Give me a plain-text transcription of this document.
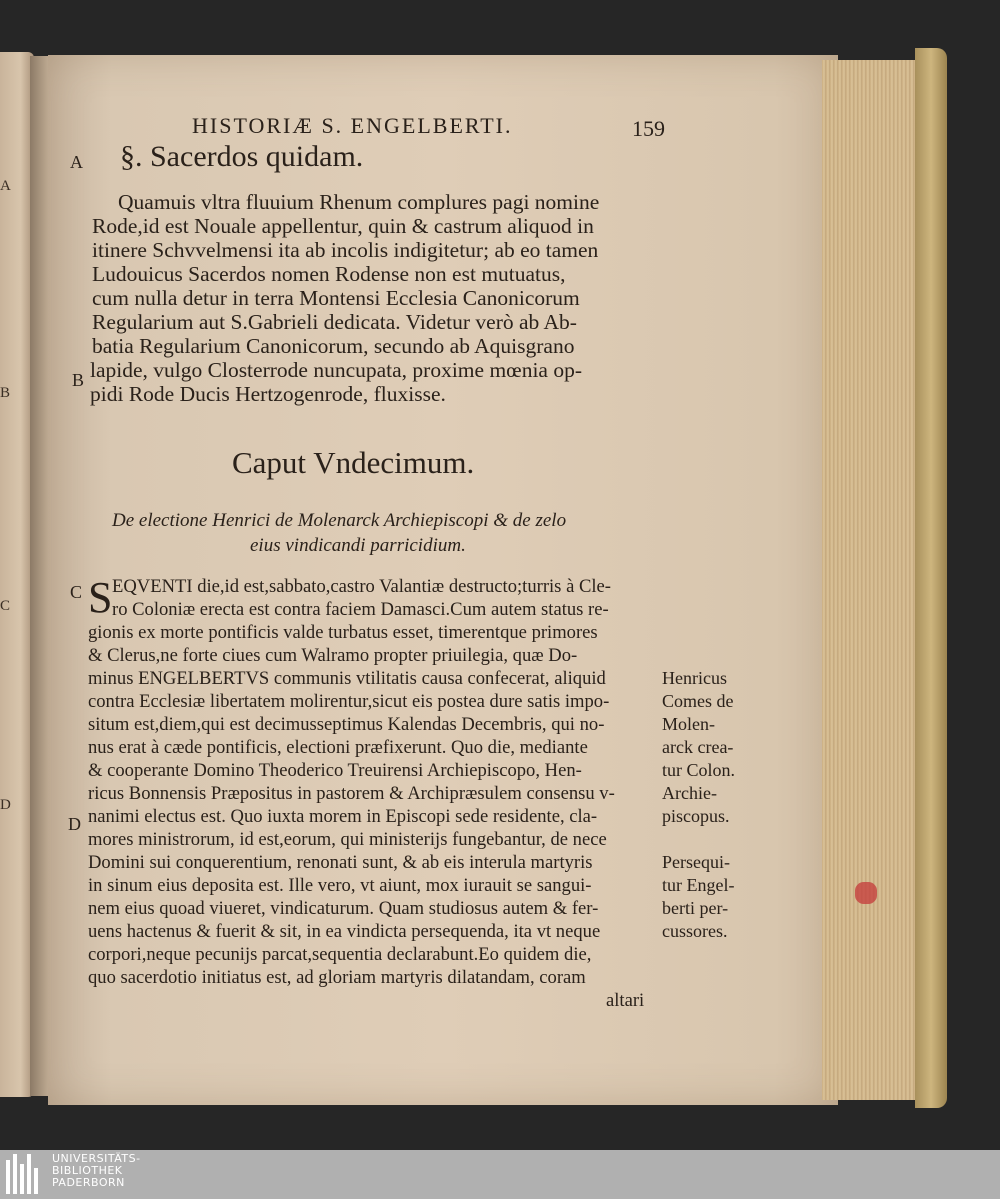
A
B
C
D
HISTORIÆ S. ENGELBERTI.	159
A §. Sacerdos quidam.
Quamuis vltra fluuium Rhenum complures pagi nomine
Rode,id est Nouale appellentur, quin & castrum aliquod in
itinere Schvvelmensi ita ab incolis indigitetur; ab eo tamen
Ludouicus Sacerdos nomen Rodense non est mutuatus,
cum nulla detur in terra Montensi Ecclesia Canonicorum
Regularium aut S.Gabrieli dedicata. Videtur verò ab Ab-
batia Regularium Canonicorum, secundo ab Aquisgrano
B lapide, vulgo Closterrode nuncupata, proxime mœnia op-
pidi Rode Ducis Hertzogenrode, fluxisse.
Caput Vndecimum.
De electione Henrici de Molenarck Archiepiscopi & de zelo
eius vindicandi parricidium.
C S EQVENTI die,id est,sabbato,castro Valantiæ destructo;turris à Cle-
ro Coloniæ erecta est contra faciem Damasci.Cum autem status re-
gionis ex morte pontificis valde turbatus esset, timerentque primores
& Clerus,ne forte ciues cum Walramo propter priuilegia, quæ Do-
minus ENGELBERTVS communis vtilitatis causa confecerat, aliquid
contra Ecclesiæ libertatem molirentur,sicut eis postea dure satis impo-
situm est,diem,qui est decimusseptimus Kalendas Decembris, qui no-
nus erat à cæde pontificis, electioni præfixerunt. Quo die, mediante
& cooperante Domino Theoderico Treuirensi Archiepiscopo, Hen-
ricus Bonnensis Præpositus in pastorem & Archipræsulem consensu v-
D nanimi electus est. Quo iuxta morem in Episcopi sede residente, cla-
mores ministrorum, id est,eorum, qui ministerijs fungebantur, de nece
Domini sui conquerentium, renonati sunt, & ab eis interula martyris
in sinum eius deposita est. Ille vero, vt aiunt, mox iurauit se sangui-
nem eius quoad viueret, vindicaturum. Quam studiosus autem & fer-
uens hactenus & fuerit & sit, in ea vindicta persequenda, ita vt neque
corpori,neque pecunijs parcat,sequentia declarabunt.Eo quidem die,
quo sacerdotio initiatus est, ad gloriam martyris dilatandam, coram
altari
Henricus
Comes de
Molen-
arck crea-
tur Colon.
Archie-
piscopus.
Persequi-
tur Engel-
berti per-
cussores.
UNIVERSITÄTS-
BIBLIOTHEK
PADERBORN
